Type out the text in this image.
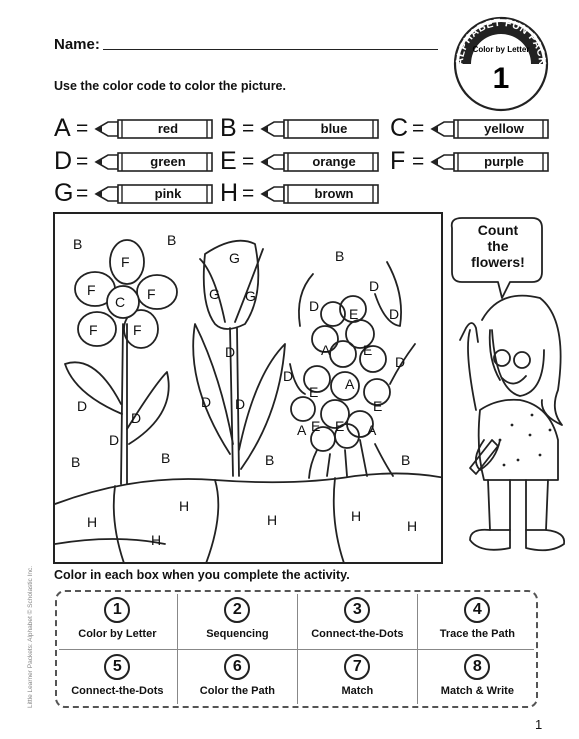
Name:
ALPHABET FUN PACK
Color by Letter
1
Use the color code to color the picture.
A =	red	B =	blue	C =	yellow
D =	green	E =	orange	F =	purple
G =	pink	H =	brown
B	B
B
B	B	B	B
F
F	F
F	F
C
G
G G
D
D D
D
D
D
D
D
D
D
D
E
E
E
E
E
E
A
A
A	A
H
H
H	H
H
H
Count
the
flowers!
Color in each box when you complete the activity.
1
Color by Letter
2
Sequencing
3
Connect-the-Dots
4
Trace the Path
5
Connect-the-Dots
6
Color the Path
7
Match
8
Match & Write
Little Learner Packets: Alphabet © Scholastic Inc.
1
